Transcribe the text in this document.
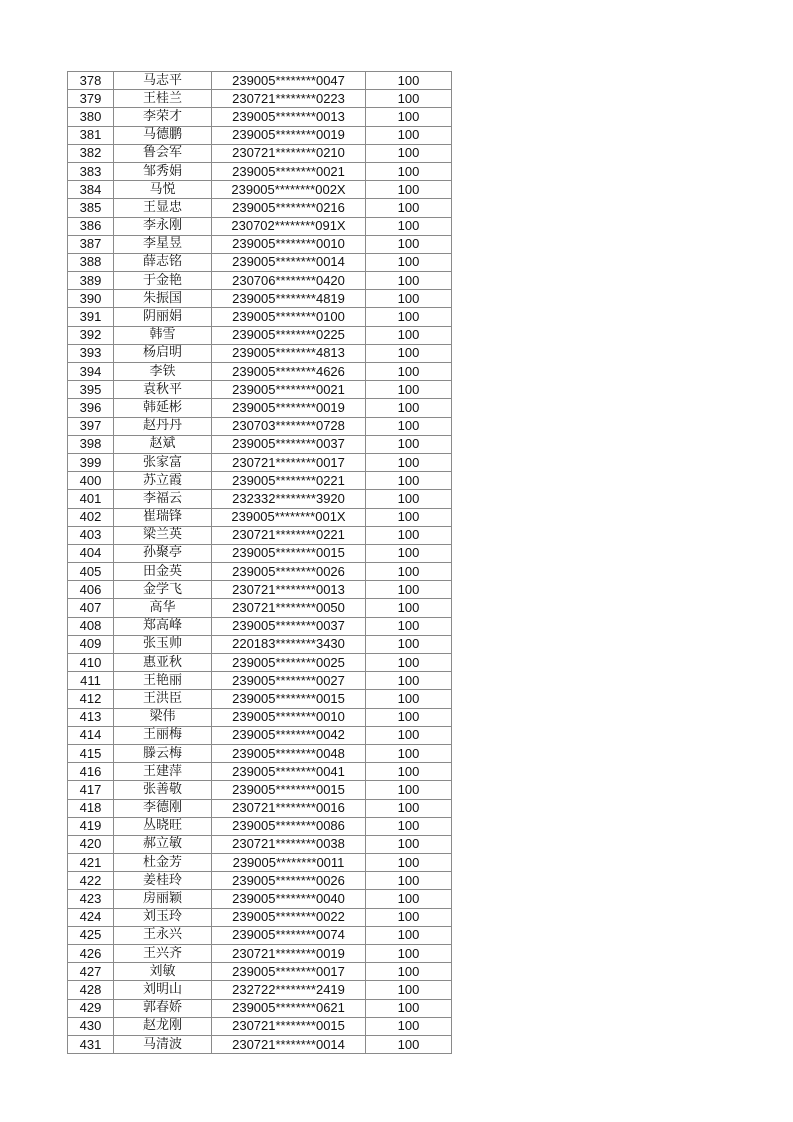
378	马志平	239005********0047	100
379	王桂兰	230721********0223	100
380	李荣才	239005********0013	100
381	马德鹏	239005********0019	100
382	鲁会军	230721********0210	100
383	邹秀娟	239005********0021	100
384	马悦	239005********002X	100
385	王显忠	239005********0216	100
386	李永刚	230702********091X	100
387	李星昱	239005********0010	100
388	薛志铭	239005********0014	100
389	于金艳	230706********0420	100
390	朱振国	239005********4819	100
391	阴丽娟	239005********0100	100
392	韩雪	239005********0225	100
393	杨启明	239005********4813	100
394	李铁	239005********4626	100
395	袁秋平	239005********0021	100
396	韩延彬	239005********0019	100
397	赵丹丹	230703********0728	100
398	赵斌	239005********0037	100
399	张家富	230721********0017	100
400	苏立霞	239005********0221	100
401	李福云	232332********3920	100
402	崔瑞锋	239005********001X	100
403	梁兰英	230721********0221	100
404	孙聚亭	239005********0015	100
405	田金英	239005********0026	100
406	金学飞	230721********0013	100
407	高华	230721********0050	100
408	郑高峰	239005********0037	100
409	张玉帅	220183********3430	100
410	惠亚秋	239005********0025	100
411	王艳丽	239005********0027	100
412	王洪臣	239005********0015	100
413	梁伟	239005********0010	100
414	王丽梅	239005********0042	100
415	滕云梅	239005********0048	100
416	王建萍	239005********0041	100
417	张善敬	239005********0015	100
418	李德刚	230721********0016	100
419	丛晓旺	239005********0086	100
420	郝立敏	230721********0038	100
421	杜金芳	239005********0011	100
422	姜桂玲	239005********0026	100
423	房丽颖	239005********0040	100
424	刘玉玲	239005********0022	100
425	王永兴	239005********0074	100
426	王兴齐	230721********0019	100
427	刘敏	239005********0017	100
428	刘明山	232722********2419	100
429	郭春娇	239005********0621	100
430	赵龙刚	230721********0015	100
431	马清波	230721********0014	100
